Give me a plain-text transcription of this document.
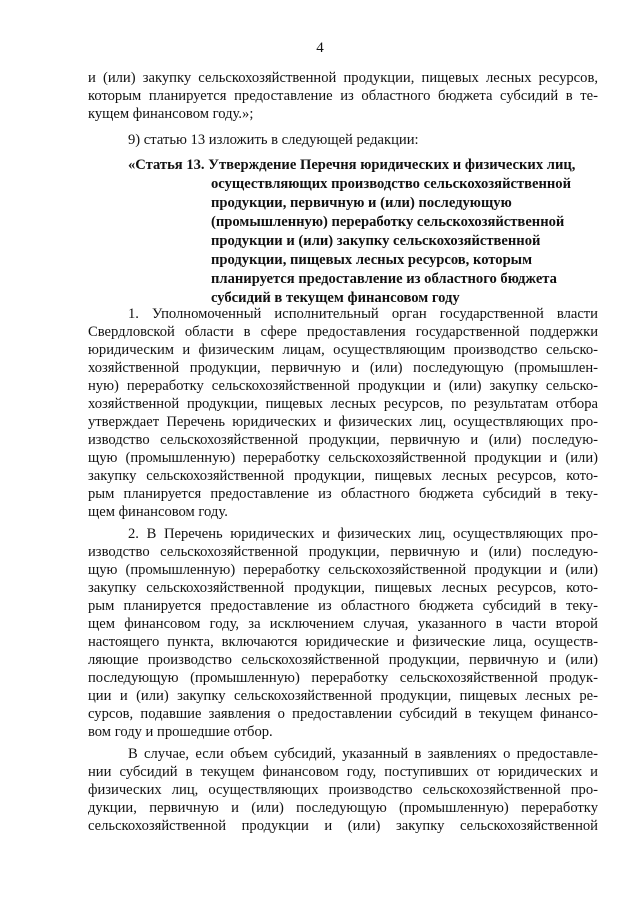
4
и (или) закупку сельскохозяйственной продукции, пищевых лесных ресурсов,
которым планируется предоставление из областного бюджета субсидий в те-
кущем финансовом году.»;
9) статью 13 изложить в следующей редакции:
«Статья 13. Утверждение Перечня юридических и физических лиц,
осуществляющих производство сельскохозяйственной
продукции, первичную и (или) последующую
(промышленную) переработку сельскохозяйственной
продукции и (или) закупку сельскохозяйственной
продукции, пищевых лесных ресурсов, которым
планируется предоставление из областного бюджета
субсидий в текущем финансовом году
1. Уполномоченный исполнительный орган государственной власти
Свердловской области в сфере предоставления государственной поддержки
юридическим и физическим лицам, осуществляющим производство сельско-
хозяйственной продукции, первичную и (или) последующую (промышлен-
ную) переработку сельскохозяйственной продукции и (или) закупку сельско-
хозяйственной продукции, пищевых лесных ресурсов, по результатам отбора
утверждает Перечень юридических и физических лиц, осуществляющих про-
изводство сельскохозяйственной продукции, первичную и (или) последую-
щую (промышленную) переработку сельскохозяйственной продукции и (или)
закупку сельскохозяйственной продукции, пищевых лесных ресурсов, кото-
рым планируется предоставление из областного бюджета субсидий в теку-
щем финансовом году.
2. В Перечень юридических и физических лиц, осуществляющих про-
изводство сельскохозяйственной продукции, первичную и (или) последую-
щую (промышленную) переработку сельскохозяйственной продукции и (или)
закупку сельскохозяйственной продукции, пищевых лесных ресурсов, кото-
рым планируется предоставление из областного бюджета субсидий в теку-
щем финансовом году, за исключением случая, указанного в части второй
настоящего пункта, включаются юридические и физические лица, осуществ-
ляющие производство сельскохозяйственной продукции, первичную и (или)
последующую (промышленную) переработку сельскохозяйственной продук-
ции и (или) закупку сельскохозяйственной продукции, пищевых лесных ре-
сурсов, подавшие заявления о предоставлении субсидий в текущем финансо-
вом году и прошедшие отбор.
В случае, если объем субсидий, указанный в заявлениях о предоставле-
нии субсидий в текущем финансовом году, поступивших от юридических и
физических лиц, осуществляющих производство сельскохозяйственной про-
дукции, первичную и (или) последующую (промышленную) переработку
сельскохозяйственной продукции и (или) закупку сельскохозяйственной
